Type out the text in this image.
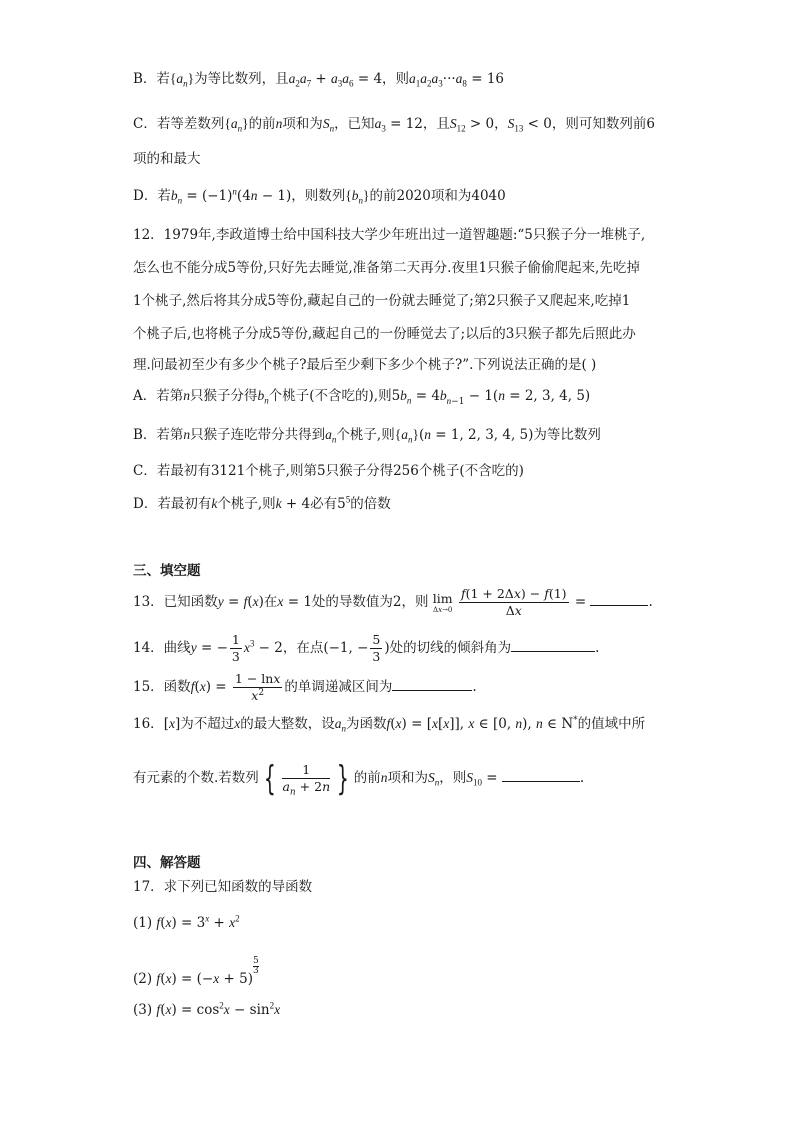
B．若$\{a_n\}$为等比数列，且$a_2a_7 + a_3a_6 = 4$，则$a_1a_2a_3\cdot\cdot\cdot a_8 = 16$
C．若等差数列$\{a_n\}$的前n项和为$S_n$，已知$a_3 = 12$，且$S_{12} > 0$，$S_{13} < 0$，则可知数列前6
项的和最大
D．若$b_n = (-1)^n(4n - 1)$，则数列$\{b_n\}$的前2020项和为4040
12．1979年,李政道博士给中国科技大学少年班出过一道智趣题:“5只猴子分一堆桃子,
怎么也不能分成5等份,只好先去睡觉,准备第二天再分.夜里1只猴子偷偷爬起来,先吃掉
1个桃子,然后将其分成5等份,藏起自己的一份就去睡觉了;第2只猴子又爬起来,吃掉1
个桃子后,也将桃子分成5等份,藏起自己的一份睡觉去了;以后的3只猴子都先后照此办
理.问最初至少有多少个桃子?最后至少剩下多少个桃子?”.下列说法正确的是( )
A．若第n只猴子分得$b_n$个桃子(不含吃的),则$5b_n = 4b_{n-1} - 1(n = 2$, 3, 4, 5)
B．若第n只猴子连吃带分共得到$a_n$个桃子,则$\{a_n\}(n = 1$, 2, 3, 4, 5)为等比数列
C．若最初有3121个桃子,则第5只猴子分得256个桃子(不含吃的)
D．若最初有k个桃子,则k + 4必有$5^5$的倍数
三、填空题
13．已知函数y = f(x)在x = 1处的导数值为2，则 lim
Δx→0
$\frac{f(1 + 2\Delta x) - f(1)}{\Delta x}$ =	.
14．曲线y = − $\frac{1}{3} x^3 - 2$，在点(−1, − $\frac{5}{3}$ )处的切线的倾斜角为	.
15．函数$f(x) = \frac{1 - \ln x}{x^2}$ 的单调递减区间为	.
16．[x]为不超过x的最大整数，设$a_n$为函数f(x) = [x[x]], x ∈ [0, n), n ∈ N*的值域中所
有元素的个数.若数列 { $\frac{1}{a_n + 2n}$ } 的前n项和为$S_n$，则$S_{10}$ =	.
四、解答题
17．求下列已知函数的导函数
(1) $f(x) = 3^x + x^2$
(2) f(x) = (−x + 5)
$\frac{5}{3}$
(3) $f(x) = \cos^2x - \sin^2x$
